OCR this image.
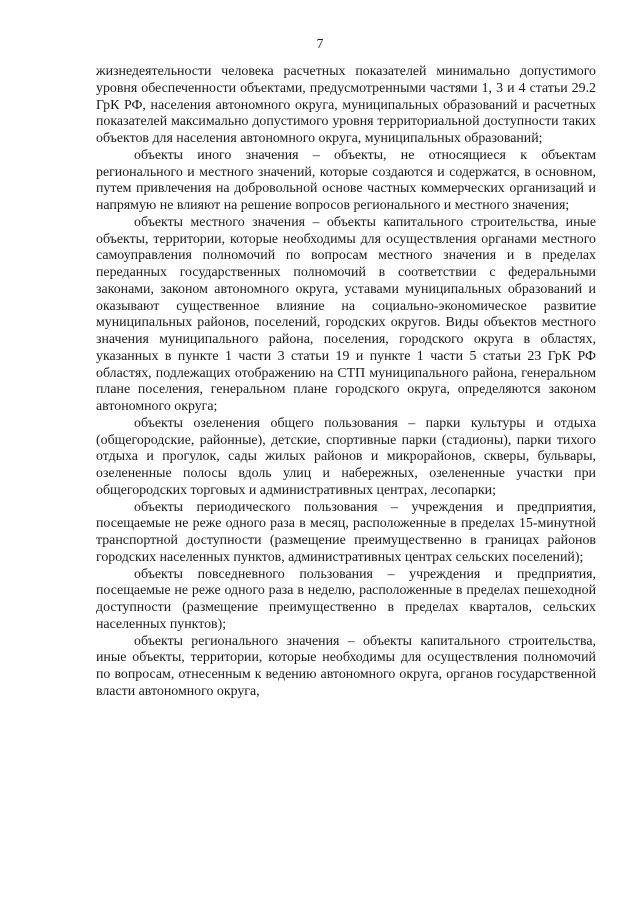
7

жизнедеятельности человека расчетных показателей минимально допустимого уровня обеспеченности объектами, предусмотренными частями 1, 3 и 4 статьи 29.2 ГрК РФ, населения автономного округа, муниципальных образований и расчетных показателей максимально допустимого уровня территориальной доступности таких объектов для населения автономного округа, муниципальных образований;

объекты иного значения – объекты, не относящиеся к объектам регионального и местного значений, которые создаются и содержатся, в основном, путем привлечения на добровольной основе частных коммерческих организаций и напрямую не влияют на решение вопросов регионального и местного значения;

объекты местного значения – объекты капитального строительства, иные объекты, территории, которые необходимы для осуществления органами местного самоуправления полномочий по вопросам местного значения и в пределах переданных государственных полномочий в соответствии с федеральными законами, законом автономного округа, уставами муниципальных образований и оказывают существенное влияние на социально-экономическое развитие муниципальных районов, поселений, городских округов. Виды объектов местного значения муниципального района, поселения, городского округа в областях, указанных в пункте 1 части 3 статьи 19 и пункте 1 части 5 статьи 23 ГрК РФ областях, подлежащих отображению на СТП муниципального района, генеральном плане поселения, генеральном плане городского округа, определяются законом автономного округа;

объекты озеленения общего пользования – парки культуры и отдыха (общегородские, районные), детские, спортивные парки (стадионы), парки тихого отдыха и прогулок, сады жилых районов и микрорайонов, скверы, бульвары, озелененные полосы вдоль улиц и набережных, озелененные участки при общегородских торговых и административных центрах, лесопарки;

объекты периодического пользования – учреждения и предприятия, посещаемые не реже одного раза в месяц, расположенные в пределах 15-минутной транспортной доступности (размещение преимущественно в границах районов городских населенных пунктов, административных центрах сельских поселений);

объекты повседневного пользования – учреждения и предприятия, посещаемые не реже одного раза в неделю, расположенные в пределах пешеходной доступности (размещение преимущественно в пределах кварталов, сельских населенных пунктов);

объекты регионального значения – объекты капитального строительства, иные объекты, территории, которые необходимы для осуществления полномочий по вопросам, отнесенным к ведению автономного округа, органов государственной власти автономного округа,
